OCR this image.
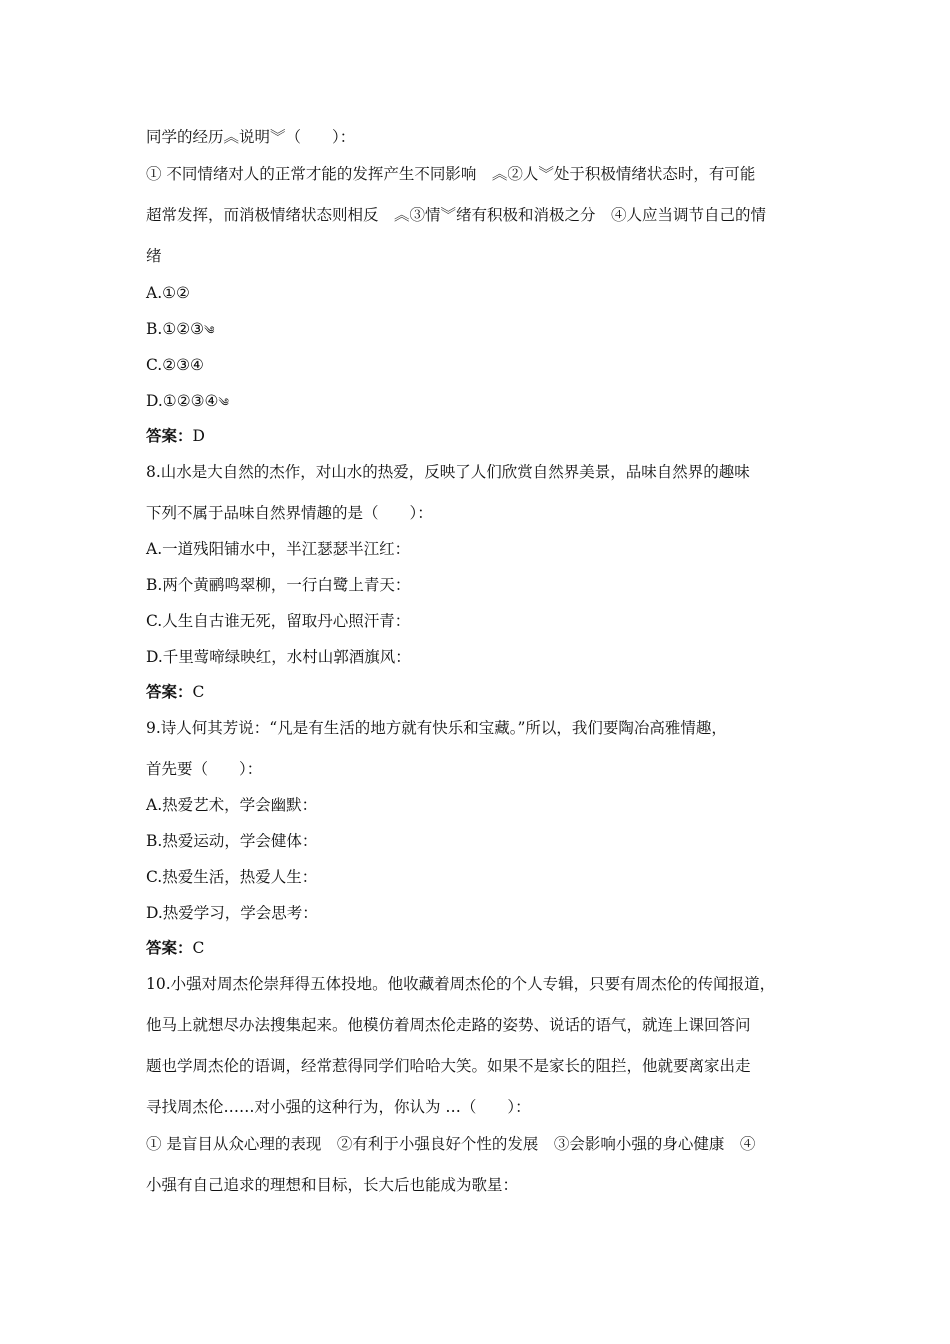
同学的经历︽说明︾（　　）：
① 不同情绪对人的正常才能的发挥产生不同影响　︽②人︾处于积极情绪状态时，有可能
超常发挥，而消极情绪状态则相反　︽③情︾绪有积极和消极之分　④人应当调节自己的情
绪
A.①②
B.①②③༄
C.②③④
D.①②③④༄
答案：D
8.山水是大自然的杰作，对山水的热爱，反映了人们欣赏自然界美景，品味自然界的趣味
下列不属于品味自然界情趣的是（　　）：
A.一道残阳铺水中，半江瑟瑟半江红：
B.两个黄鹂鸣翠柳，一行白鹭上青天：
C.人生自古谁无死，留取丹心照汗青：
D.千里莺啼绿映红，水村山郭酒旗风：
答案：C
9.诗人何其芳说：“凡是有生活的地方就有快乐和宝藏。”所以，我们要陶冶高雅情趣，
首先要（　　）：
A.热爱艺术，学会幽默：
B.热爱运动，学会健体：
C.热爱生活，热爱人生：
D.热爱学习，学会思考：
答案：C
10.小强对周杰伦崇拜得五体投地。他收藏着周杰伦的个人专辑，只要有周杰伦的传闻报道，
他马上就想尽办法搜集起来。他模仿着周杰伦走路的姿势、说话的语气，就连上课回答问
题也学周杰伦的语调，经常惹得同学们哈哈大笑。如果不是家长的阻拦，他就要离家出走
寻找周杰伦……对小强的这种行为，你认为 …（　　）：
① 是盲目从众心理的表现　②有利于小强良好个性的发展　③会影响小强的身心健康　④
小强有自己追求的理想和目标，长大后也能成为歌星：
